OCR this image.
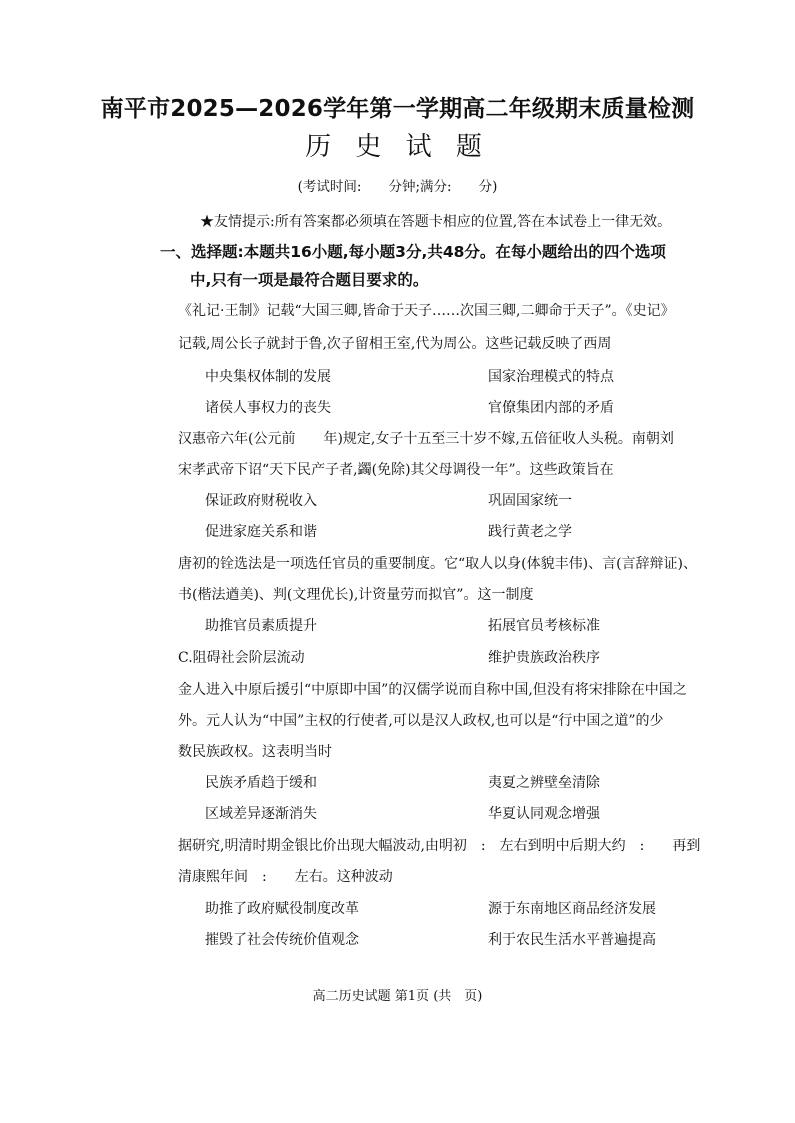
南平市2025—2026学年第一学期高二年级期末质量检测
历 史 试 题
(考试时间:　　分钟;满分:　　分)
★友情提示:所有答案都必须填在答题卡相应的位置,答在本试卷上一律无效。
一、选择题:本题共16小题,每小题3分,共48分。在每小题给出的四个选项
中,只有一项是最符合题目要求的。
《礼记·王制》记载“大国三卿,皆命于天子……次国三卿,二卿命于天子”。《史记》
记载,周公长子就封于鲁,次子留相王室,代为周公。这些记载反映了西周
中央集权体制的发展	国家治理模式的特点
诸侯人事权力的丧失	官僚集团内部的矛盾
汉惠帝六年(公元前　　年)规定,女子十五至三十岁不嫁,五倍征收人头税。南朝刘
宋孝武帝下诏“天下民产子者,蠲(免除)其父母调役一年”。这些政策旨在
保证政府财税收入	巩固国家统一
促进家庭关系和谐	践行黄老之学
唐初的铨选法是一项选任官员的重要制度。它“取人以身(体貌丰伟)、言(言辞辩证)、
书(楷法遒美)、判(文理优长),计资量劳而拟官”。这一制度
助推官员素质提升	拓展官员考核标准
C.阻碍社会阶层流动	维护贵族政治秩序
金人进入中原后援引“中原即中国”的汉儒学说而自称中国,但没有将宋排除在中国之
外。元人认为“中国”主权的行使者,可以是汉人政权,也可以是“行中国之道”的少
数民族政权。这表明当时
民族矛盾趋于缓和	夷夏之辨壁垒清除
区域差异逐渐消失	华夏认同观念增强
据研究,明清时期金银比价出现大幅波动,由明初　:　左右到明中后期大约　:　　再到
清康熙年间　:　　左右。这种波动
助推了政府赋役制度改革	源于东南地区商品经济发展
摧毁了社会传统价值观念	利于农民生活水平普遍提高
高二历史试题 第1页 (共　页)
